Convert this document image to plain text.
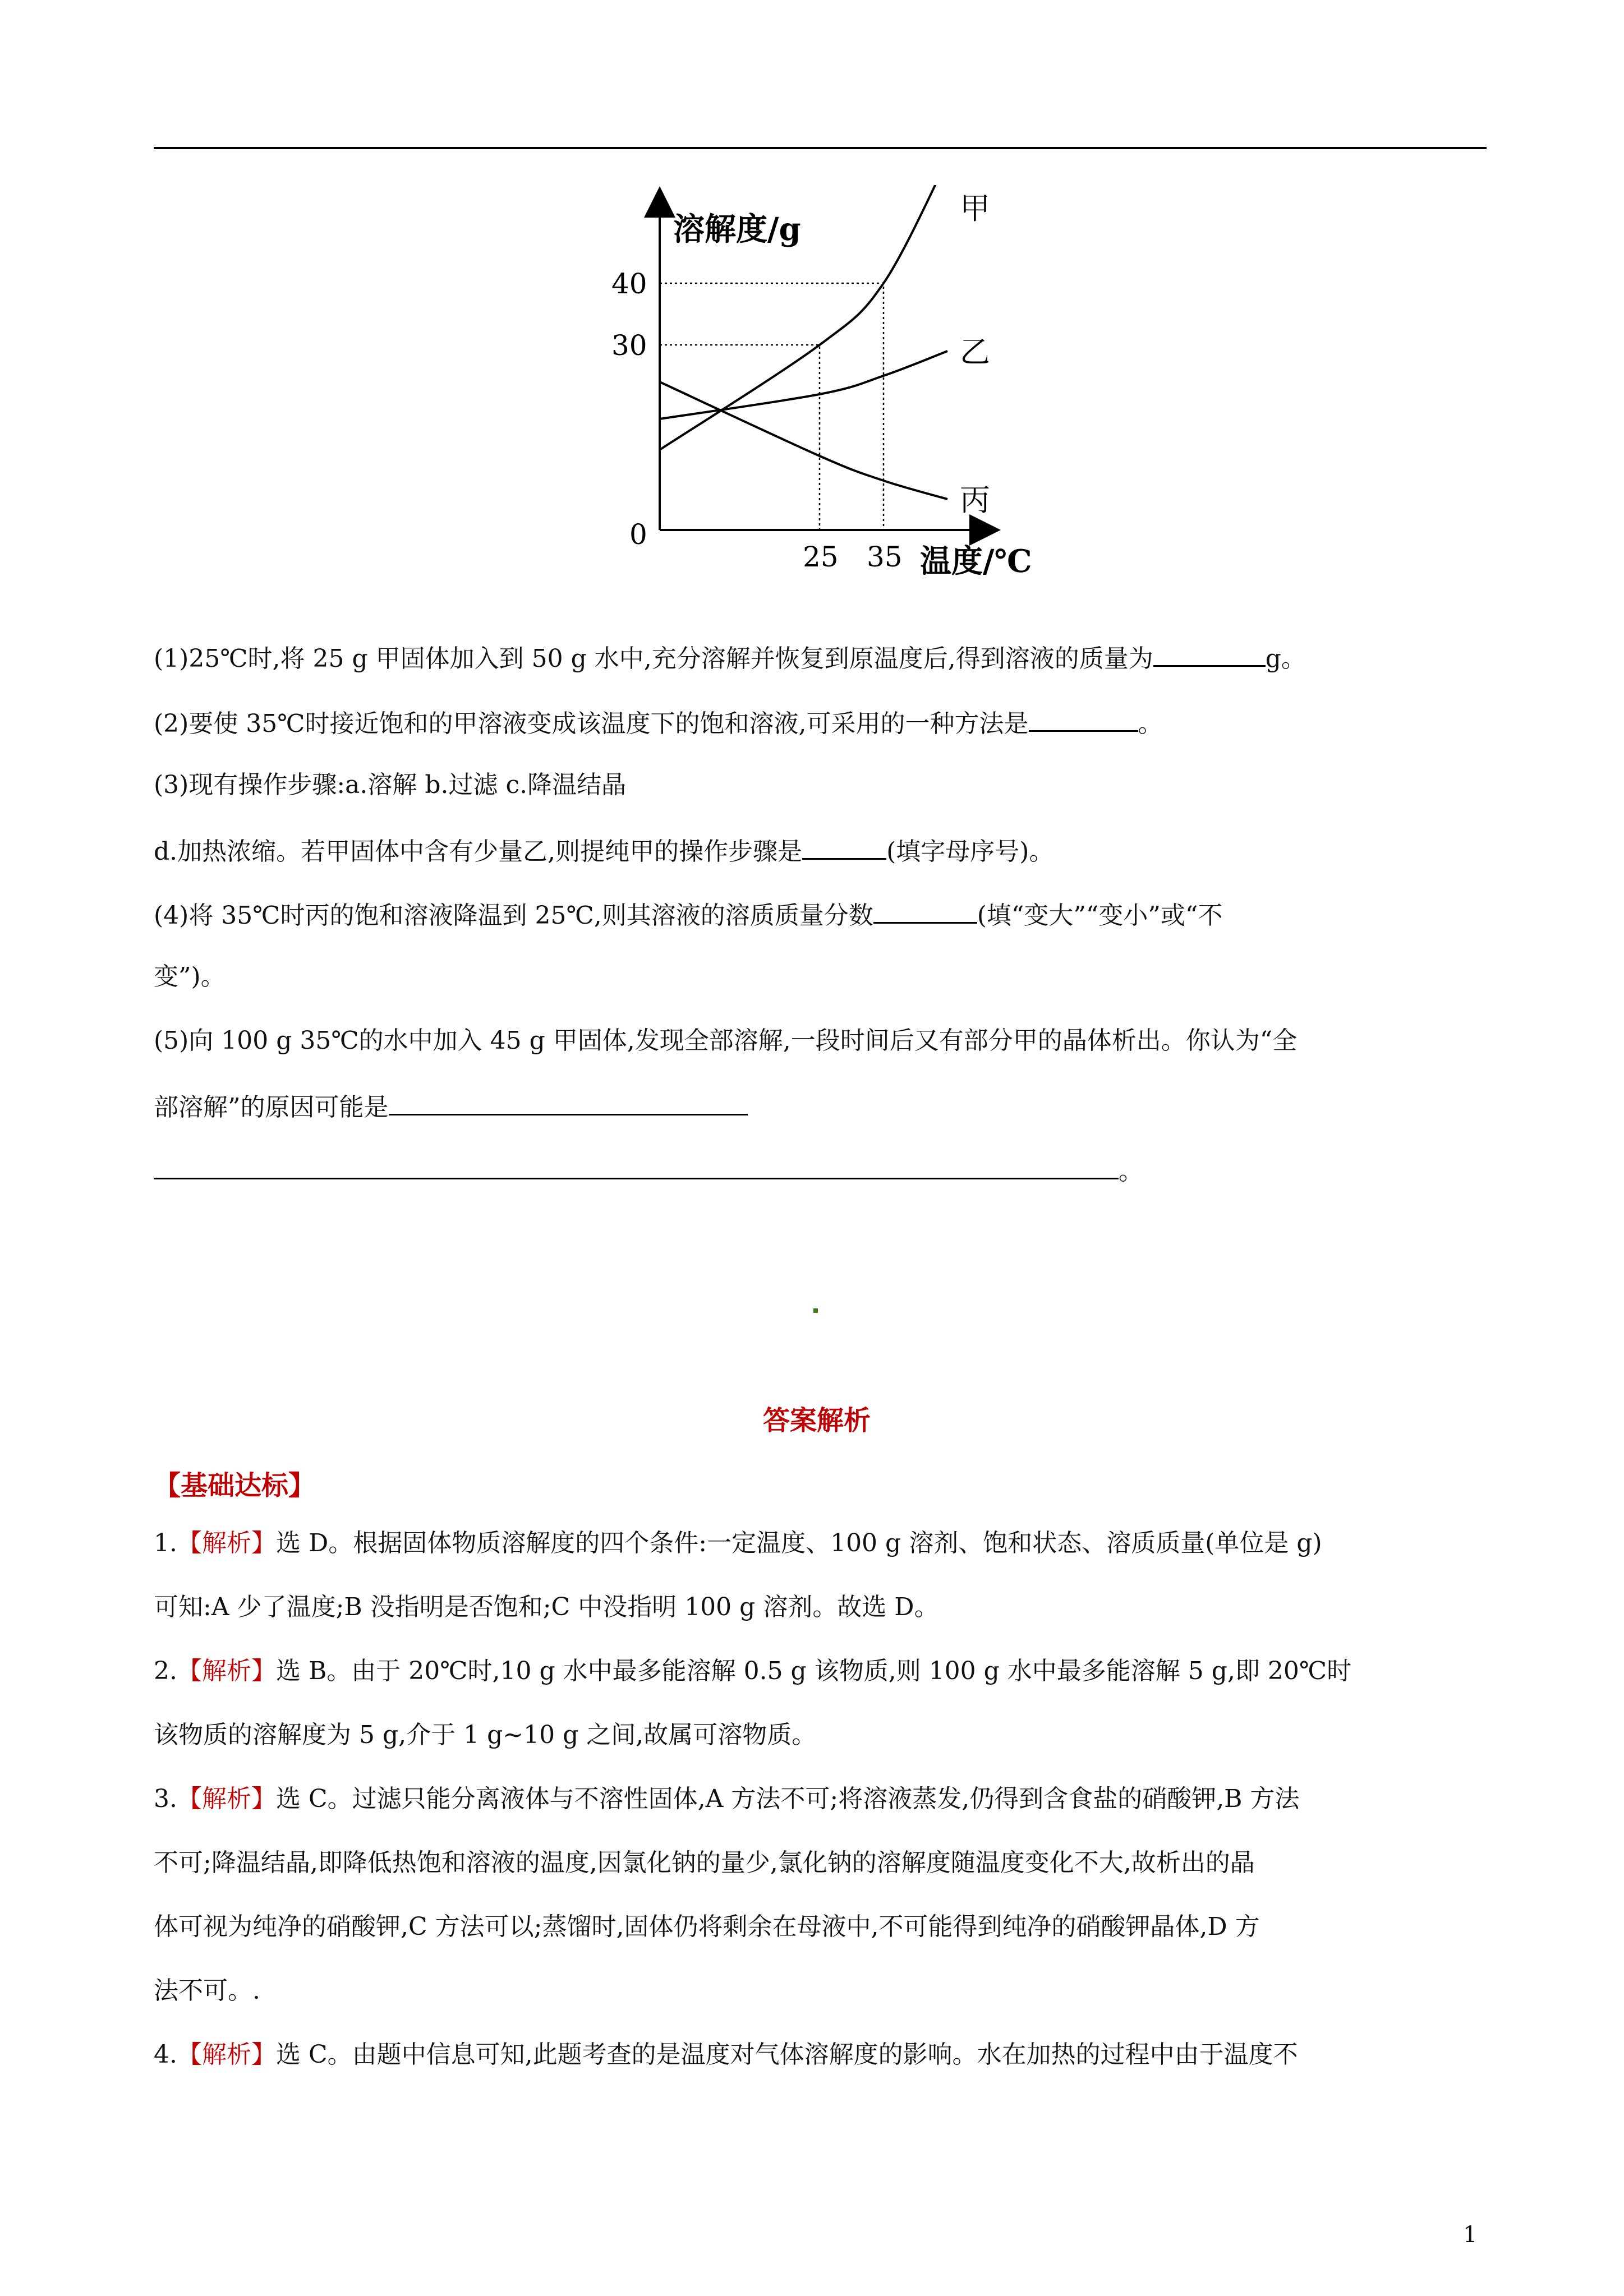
甲
乙
丙
溶解度/g
温度/℃
0
30
40
25 35
(1)25℃时,将 25 g 甲固体加入到 50 g 水中,充分溶解并恢复到原温度后,得到溶液的质量为	g。
(2)要使 35℃时接近饱和的甲溶液变成该温度下的饱和溶液,可采用的一种方法是	。
(3)现有操作步骤:a.溶解 b.过滤 c.降温结晶
d.加热浓缩。若甲固体中含有少量乙,则提纯甲的操作步骤是	(填字母序号)。
(4)将 35℃时丙的饱和溶液降温到 25℃,则其溶液的溶质质量分数	(填“变大”“变小”或“不
变”)。
(5)向 100 g 35℃的水中加入 45 g 甲固体,发现全部溶解,一段时间后又有部分甲的晶体析出。你认为“全
部溶解”的原因可能是
。
答案解析
【基础达标】
1.【解析】选 D。根据固体物质溶解度的四个条件:一定温度、100 g 溶剂、饱和状态、溶质质量(单位是 g)
可知:A 少了温度;B 没指明是否饱和;C 中没指明 100 g 溶剂。故选 D。
2.【解析】选 B。由于 20℃时,10 g 水中最多能溶解 0.5 g 该物质,则 100 g 水中最多能溶解 5 g,即 20℃时
该物质的溶解度为 5 g,介于 1 g~10 g 之间,故属可溶物质。
3.【解析】选 C。过滤只能分离液体与不溶性固体,A 方法不可;将溶液蒸发,仍得到含食盐的硝酸钾,B 方法
不可;降温结晶,即降低热饱和溶液的温度,因氯化钠的量少,氯化钠的溶解度随温度变化不大,故析出的晶
体可视为纯净的硝酸钾,C 方法可以;蒸馏时,固体仍将剩余在母液中,不可能得到纯净的硝酸钾晶体,D 方
法不可。.
4.【解析】选 C。由题中信息可知,此题考查的是温度对气体溶解度的影响。水在加热的过程中由于温度不
1
